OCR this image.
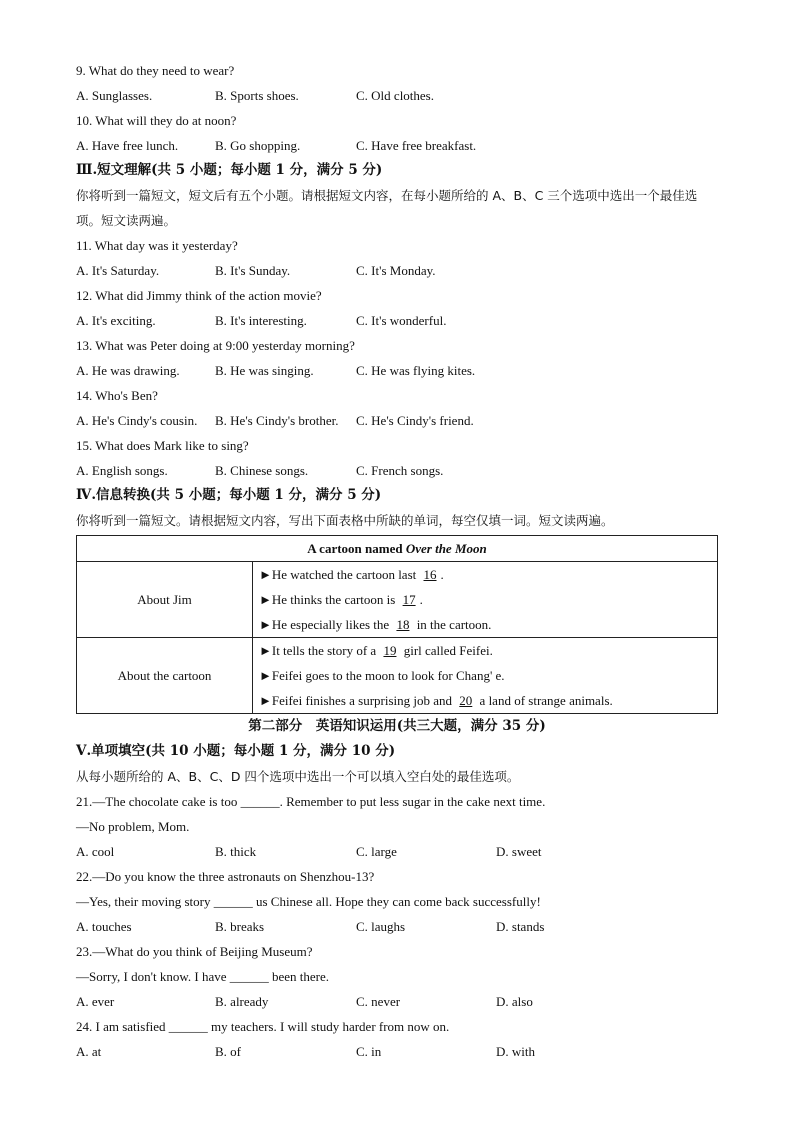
9. What do they need to wear?
A. Sunglasses.	B. Sports shoes.	C. Old clothes.
10. What will they do at noon?
A. Have free lunch.	B. Go shopping.	C. Have free breakfast.
Ⅲ.短文理解(共 5 小题；每小题 1 分，满分 5 分)
你将听到一篇短文，短文后有五个小题。请根据短文内容，在每小题所给的 A、B、C 三个选项中选出一个最佳选项。短文读两遍。
11. What day was it yesterday?
A. It's Saturday.	B. It's Sunday.	C. It's Monday.
12. What did Jimmy think of the action movie?
A. It's exciting.	B. It's interesting.	C. It's wonderful.
13. What was Peter doing at 9:00 yesterday morning?
A. He was drawing.	B. He was singing.	C. He was flying kites.
14. Who's Ben?
A. He's Cindy's cousin. B. He's Cindy's brother. C. He's Cindy's friend.
15. What does Mark like to sing?
A. English songs.	B. Chinese songs.	C. French songs.
Ⅳ.信息转换(共 5 小题；每小题 1 分，满分 5 分)
你将听到一篇短文。请根据短文内容，写出下面表格中所缺的单词，每空仅填一词。短文读两遍。
A cartoon named Over the Moon	
About Jim	►He watched the cartoon last 16 .
►He thinks the cartoon is 17 .
►He especially likes the 18 in the cartoon.

About the cartoon	►It tells the story of a 19 girl called Feifei.
►Feifei goes to the moon to look for Chang' e.
►Feifei finishes a surprising job and 20 a land of strange animals.
第二部分　英语知识运用(共三大题，满分 35 分)
Ⅴ.单项填空(共 10 小题；每小题 1 分，满分 10 分)
从每小题所给的 A、B、C、D 四个选项中选出一个可以填入空白处的最佳选项。
21.—The chocolate cake is too ______. Remember to put less sugar in the cake next time.
—No problem, Mom.
A. cool	B. thick	C. large	D. sweet
22.—Do you know the three astronauts on Shenzhou-13?
—Yes, their moving story ______ us Chinese all. Hope they can come back successfully!
A. touches	B. breaks	C. laughs	D. stands
23.—What do you think of Beijing Museum?
—Sorry, I don't know. I have ______ been there.
A. ever	B. already	C. never	D. also
24. I am satisfied ______ my teachers. I will study harder from now on.
A. at	B. of	C. in	D. with
